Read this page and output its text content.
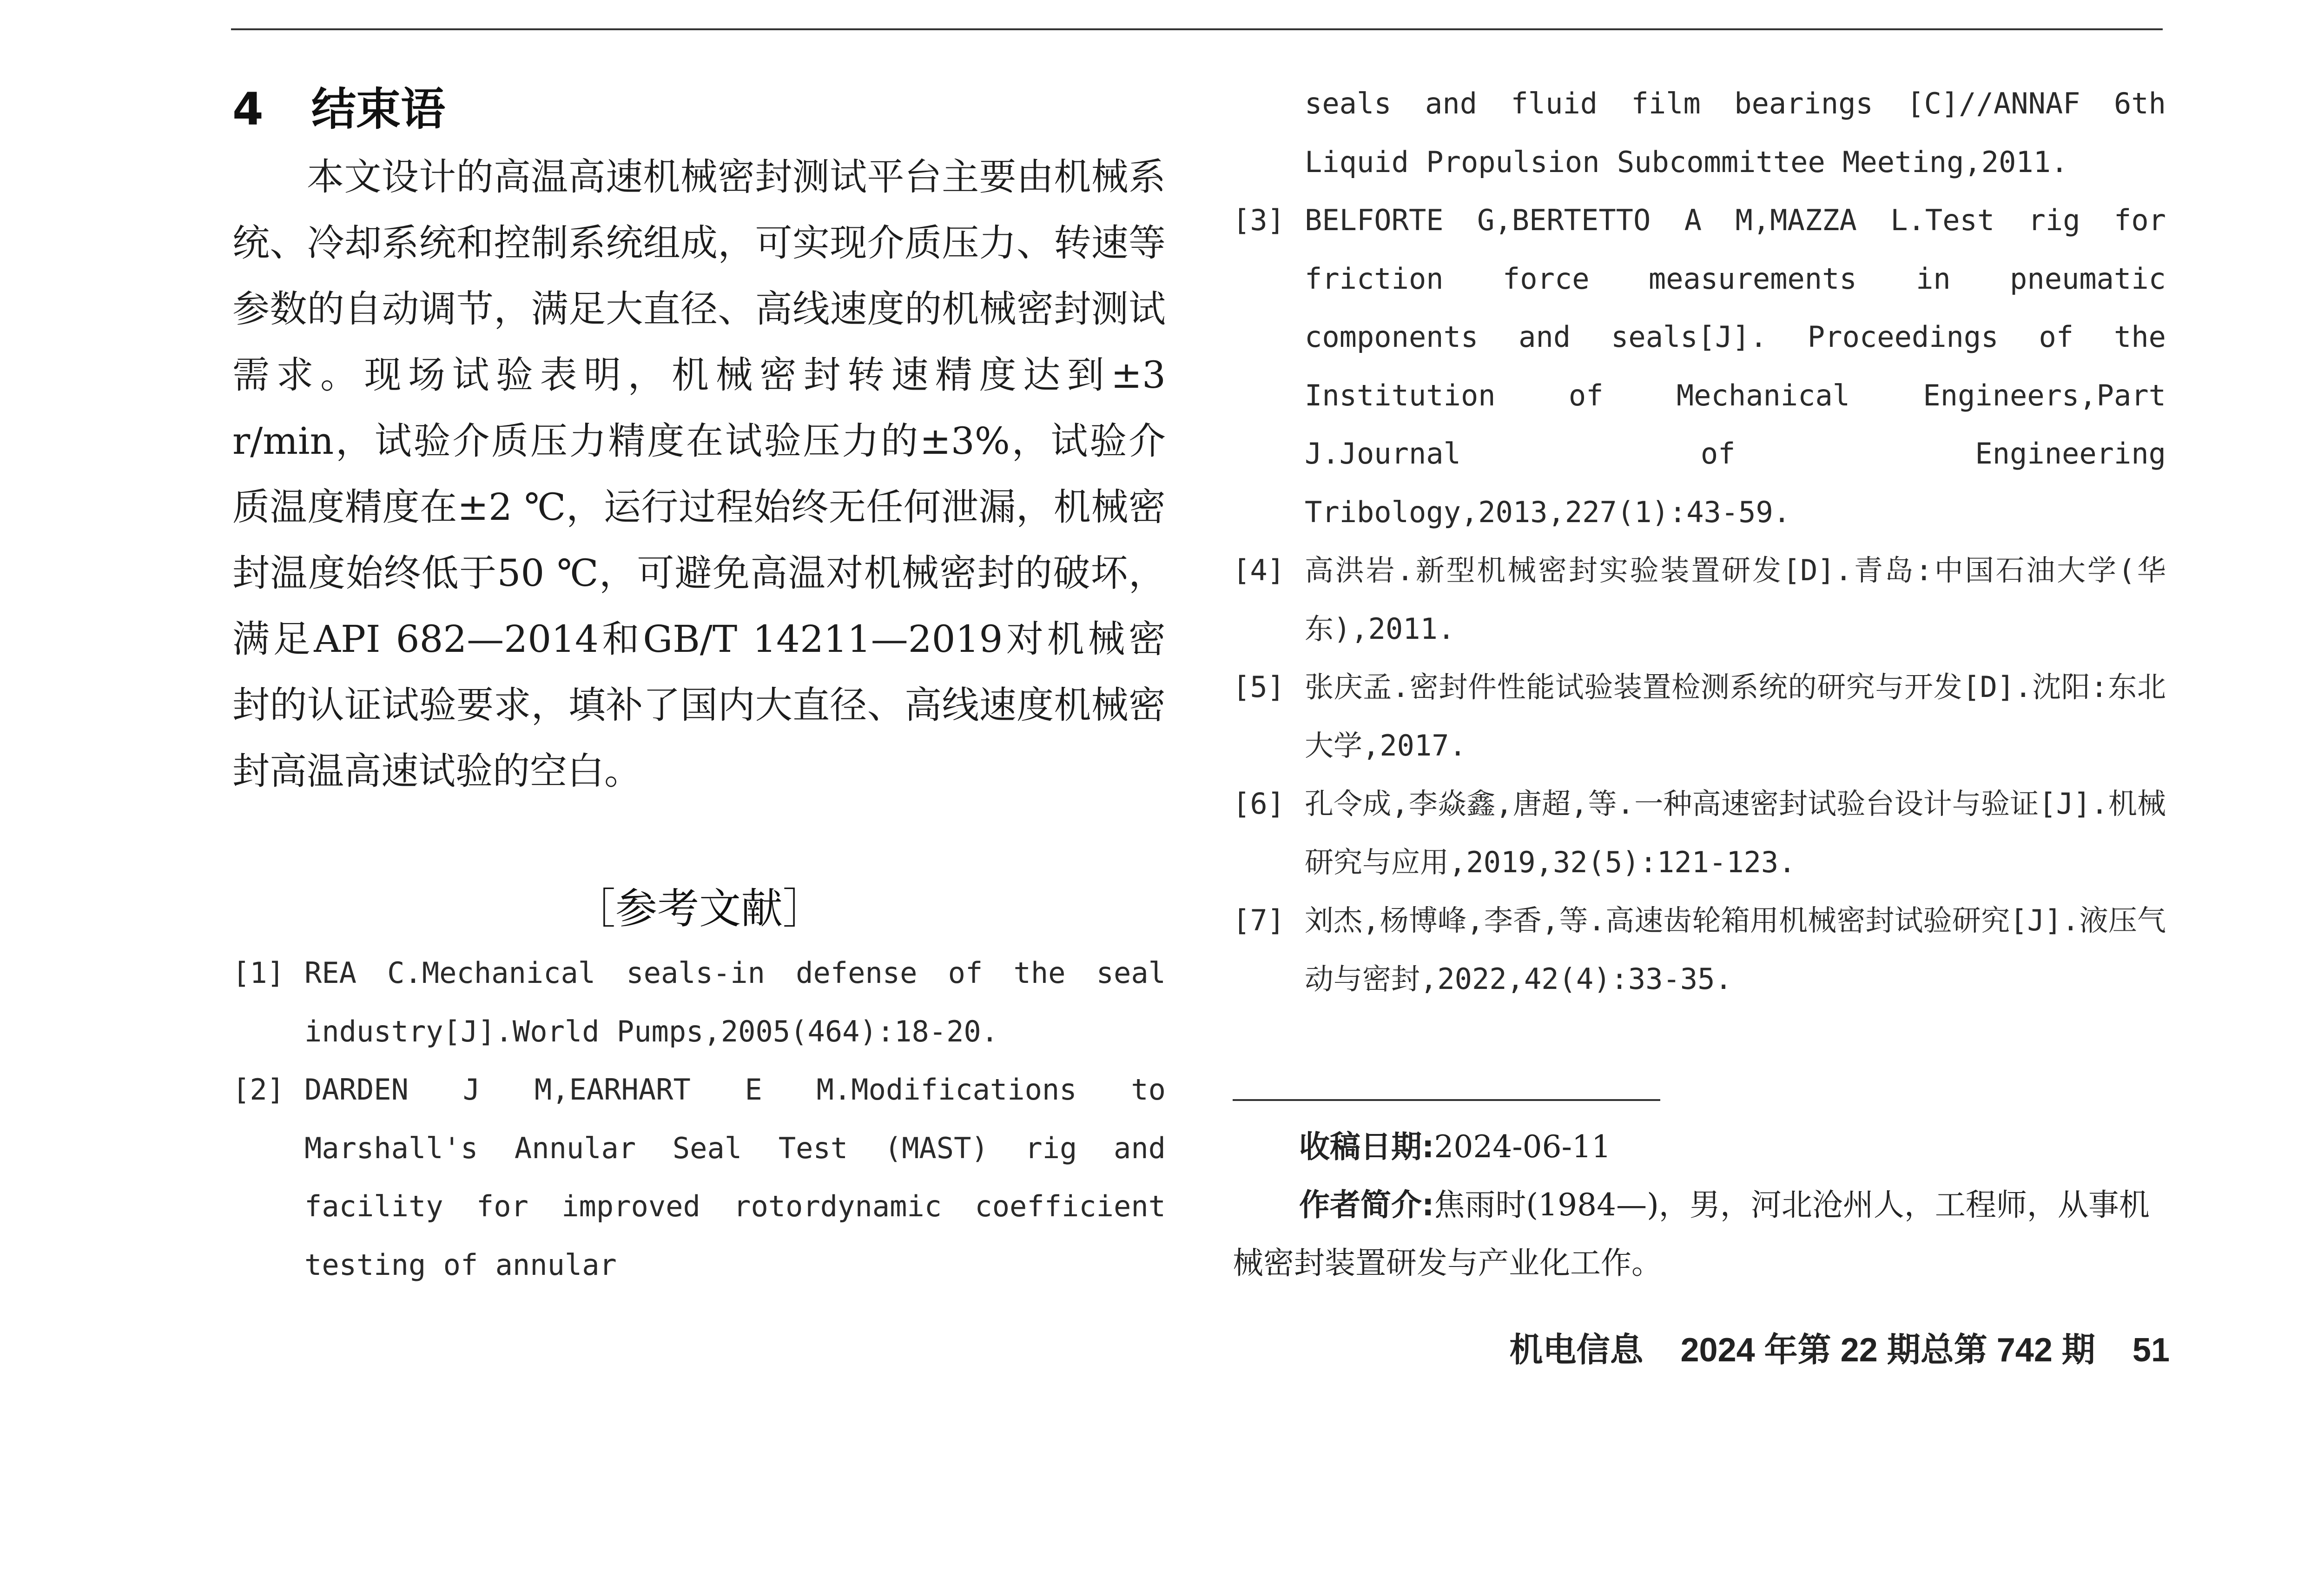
4 结束语

本文设计的高温高速机械密封测试平台主要由机械系统、冷却系统和控制系统组成，可实现介质压力、转速等参数的自动调节，满足大直径、高线速度的机械密封测试需求。现场试验表明，机械密封转速精度达到±3 r/min，试验介质压力精度在试验压力的±3%，试验介质温度精度在±2 ℃，运行过程始终无任何泄漏，机械密封温度始终低于50 ℃，可避免高温对机械密封的破坏，满足API 682—2014和GB/T 14211—2019对机械密封的认证试验要求，填补了国内大直径、高线速度机械密封高温高速试验的空白。

［参考文献］
[1] REA C.Mechanical seals-in defense of the seal industry[J].World Pumps,2005(464):18-20.
[2] DARDEN J M,EARHART E M.Modifications to Marshall's Annular Seal Test (MAST) rig and facility for improved rotordynamic coefficient testing of annular
seals and fluid film bearings [C]//ANNAF 6th Liquid Propulsion Subcommittee Meeting,2011.
[3] BELFORTE G,BERTETTO A M,MAZZA L.Test rig for friction force measurements in pneumatic components and seals[J]. Proceedings of the Institution of Mechanical Engineers,Part J.Journal of Engineering Tribology,2013,227(1):43-59.
[4] 高洪岩.新型机械密封实验装置研发[D].青岛:中国石油大学(华东),2011.
[5] 张庆孟.密封件性能试验装置检测系统的研究与开发[D].沈阳:东北大学,2017.
[6] 孔令成,李焱鑫,唐超,等.一种高速密封试验台设计与验证[J].机械研究与应用,2019,32(5):121-123.
[7] 刘杰,杨博峰,李香,等.高速齿轮箱用机械密封试验研究[J].液压气动与密封,2022,42(4):33-35.

收稿日期:2024-06-11

作者简介:焦雨时(1984—)，男，河北沧州人，工程师，从事机械密封装置研发与产业化工作。

机电信息 2024 年第 22 期总第 742 期 51
